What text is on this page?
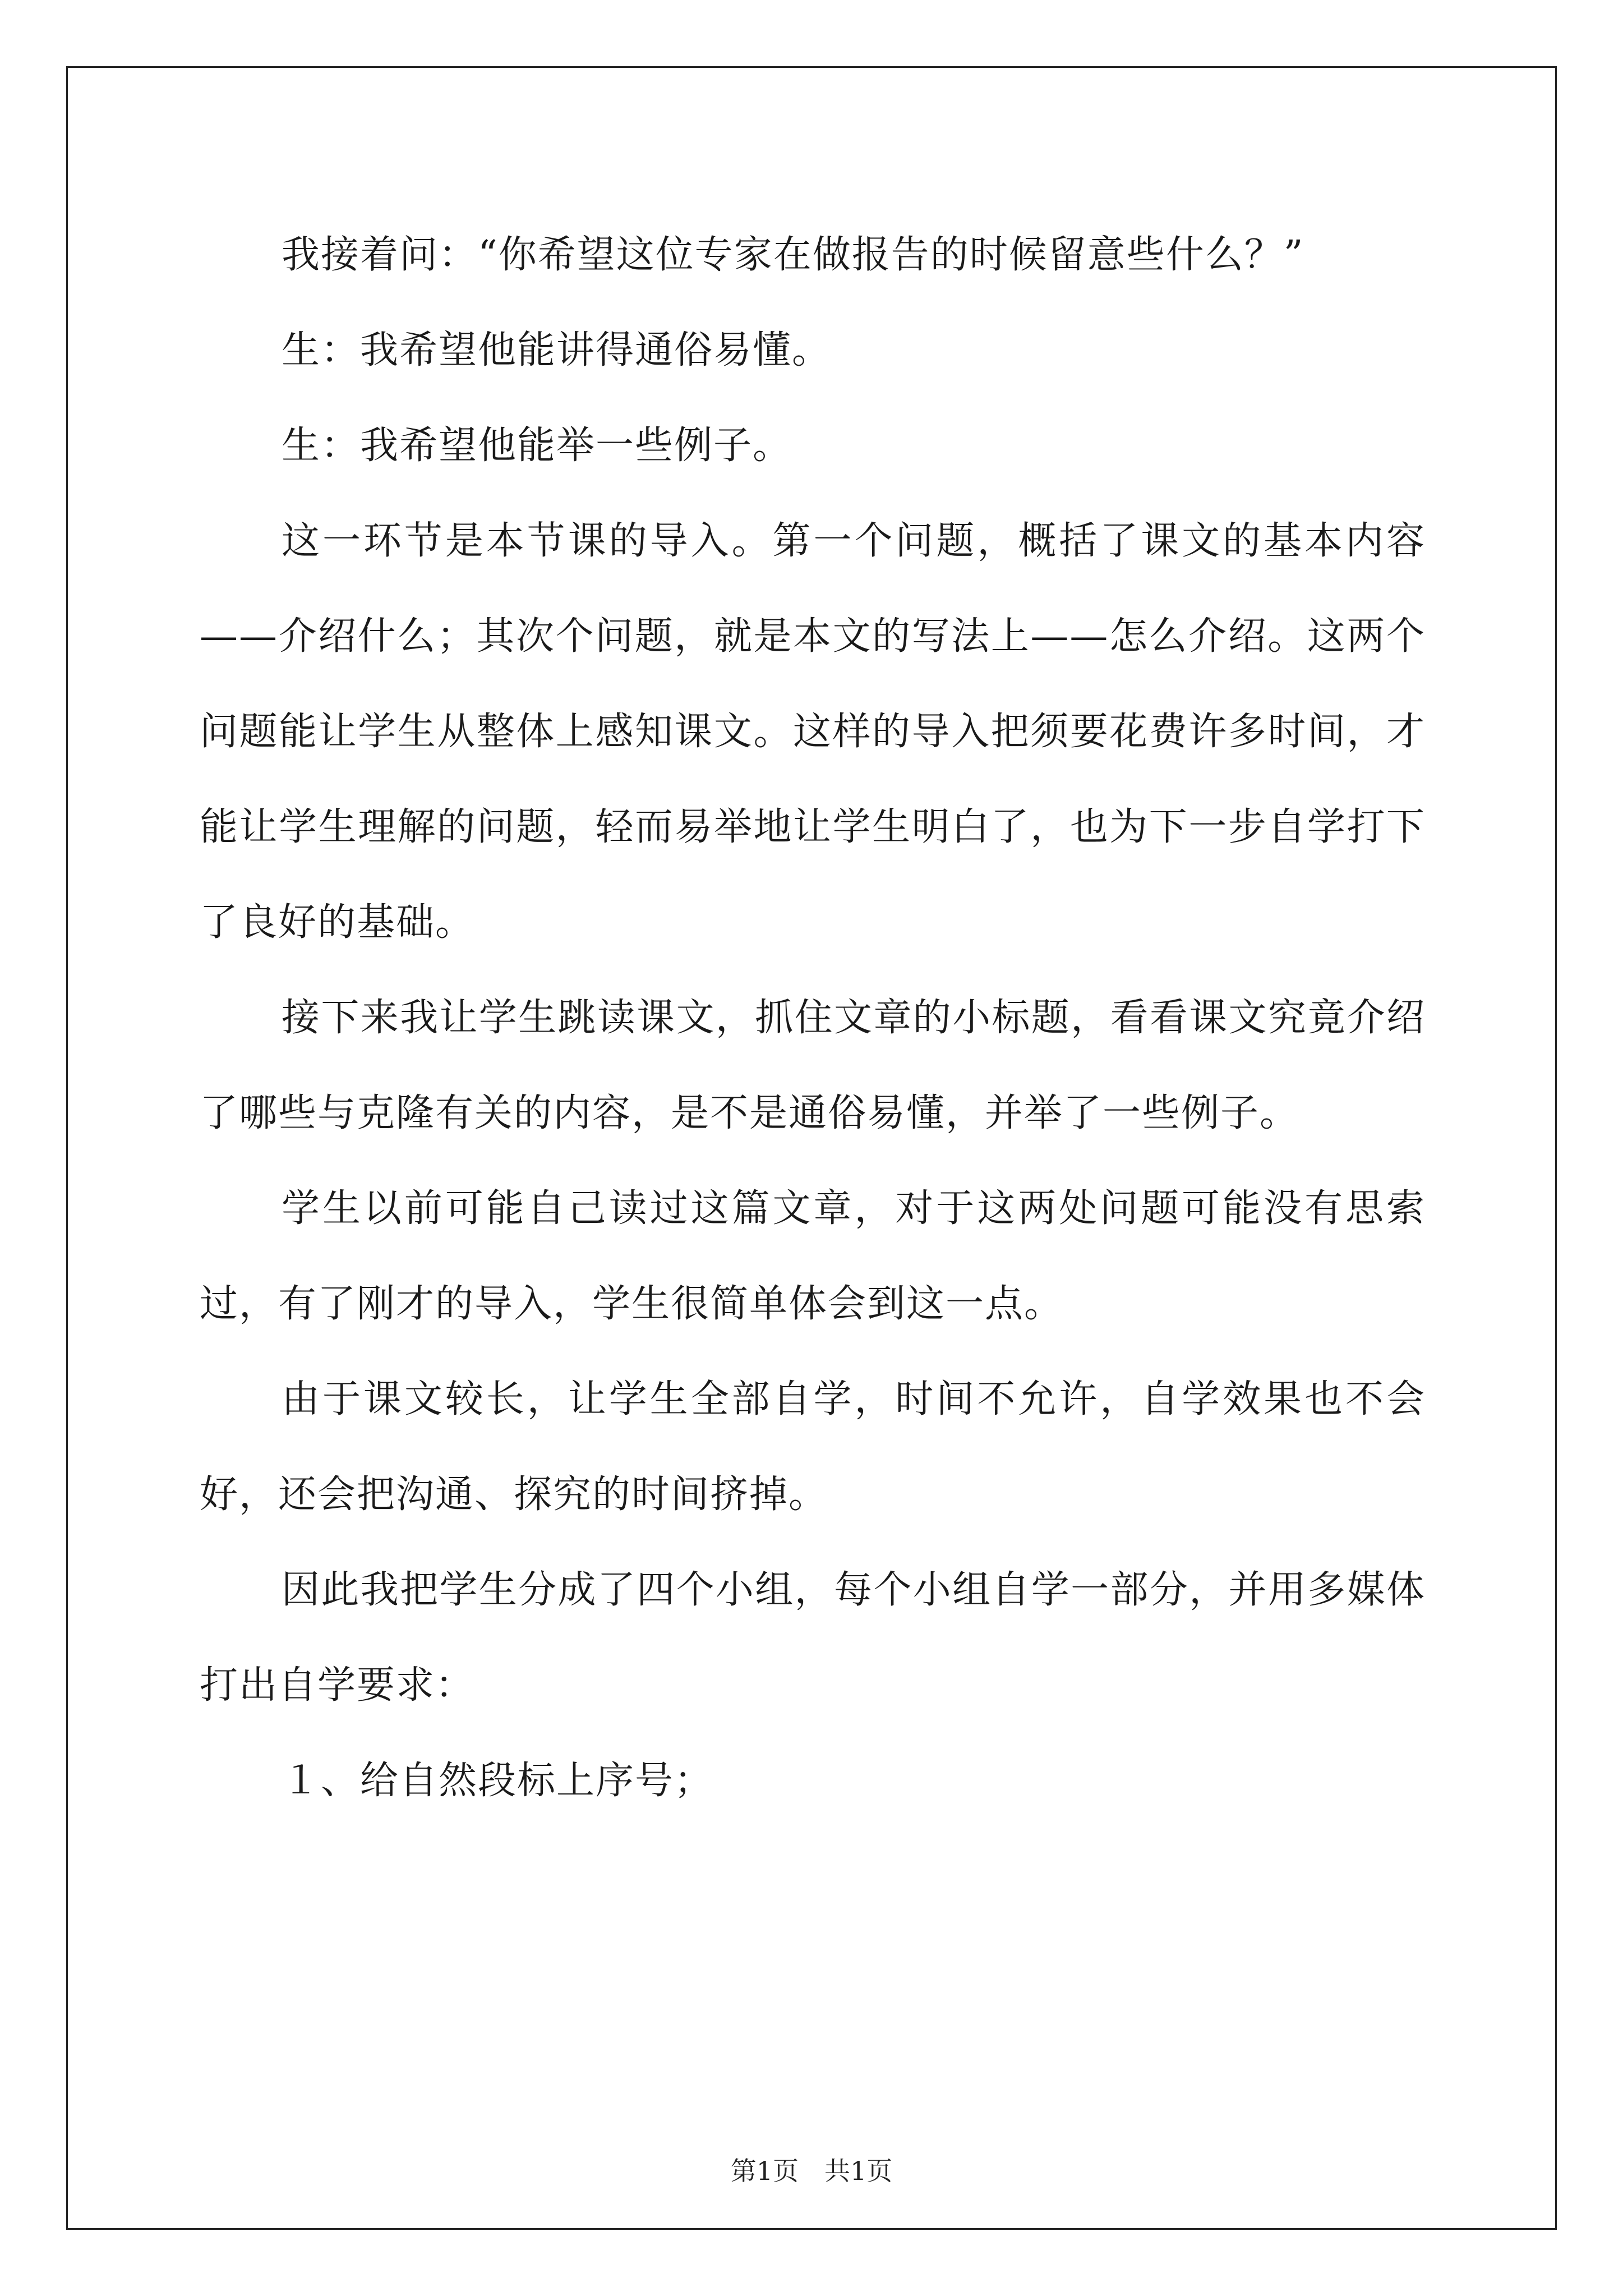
我接着问：“你希望这位专家在做报告的时候留意些什么？”

生：我希望他能讲得通俗易懂。

生：我希望他能举一些例子。

这一环节是本节课的导入。第一个问题，概括了课文的基本内容——介绍什么；其次个问题，就是本文的写法上——怎么介绍。这两个问题能让学生从整体上感知课文。这样的导入把须要花费许多时间，才能让学生理解的问题，轻而易举地让学生明白了，也为下一步自学打下了良好的基础。

接下来我让学生跳读课文，抓住文章的小标题，看看课文究竟介绍了哪些与克隆有关的内容，是不是通俗易懂，并举了一些例子。

学生以前可能自己读过这篇文章，对于这两处问题可能没有思索过，有了刚才的导入，学生很简单体会到这一点。

由于课文较长，让学生全部自学，时间不允许，自学效果也不会好，还会把沟通、探究的时间挤掉。

因此我把学生分成了四个小组，每个小组自学一部分，并用多媒体打出自学要求：

１、给自然段标上序号；

第1页　共1页
